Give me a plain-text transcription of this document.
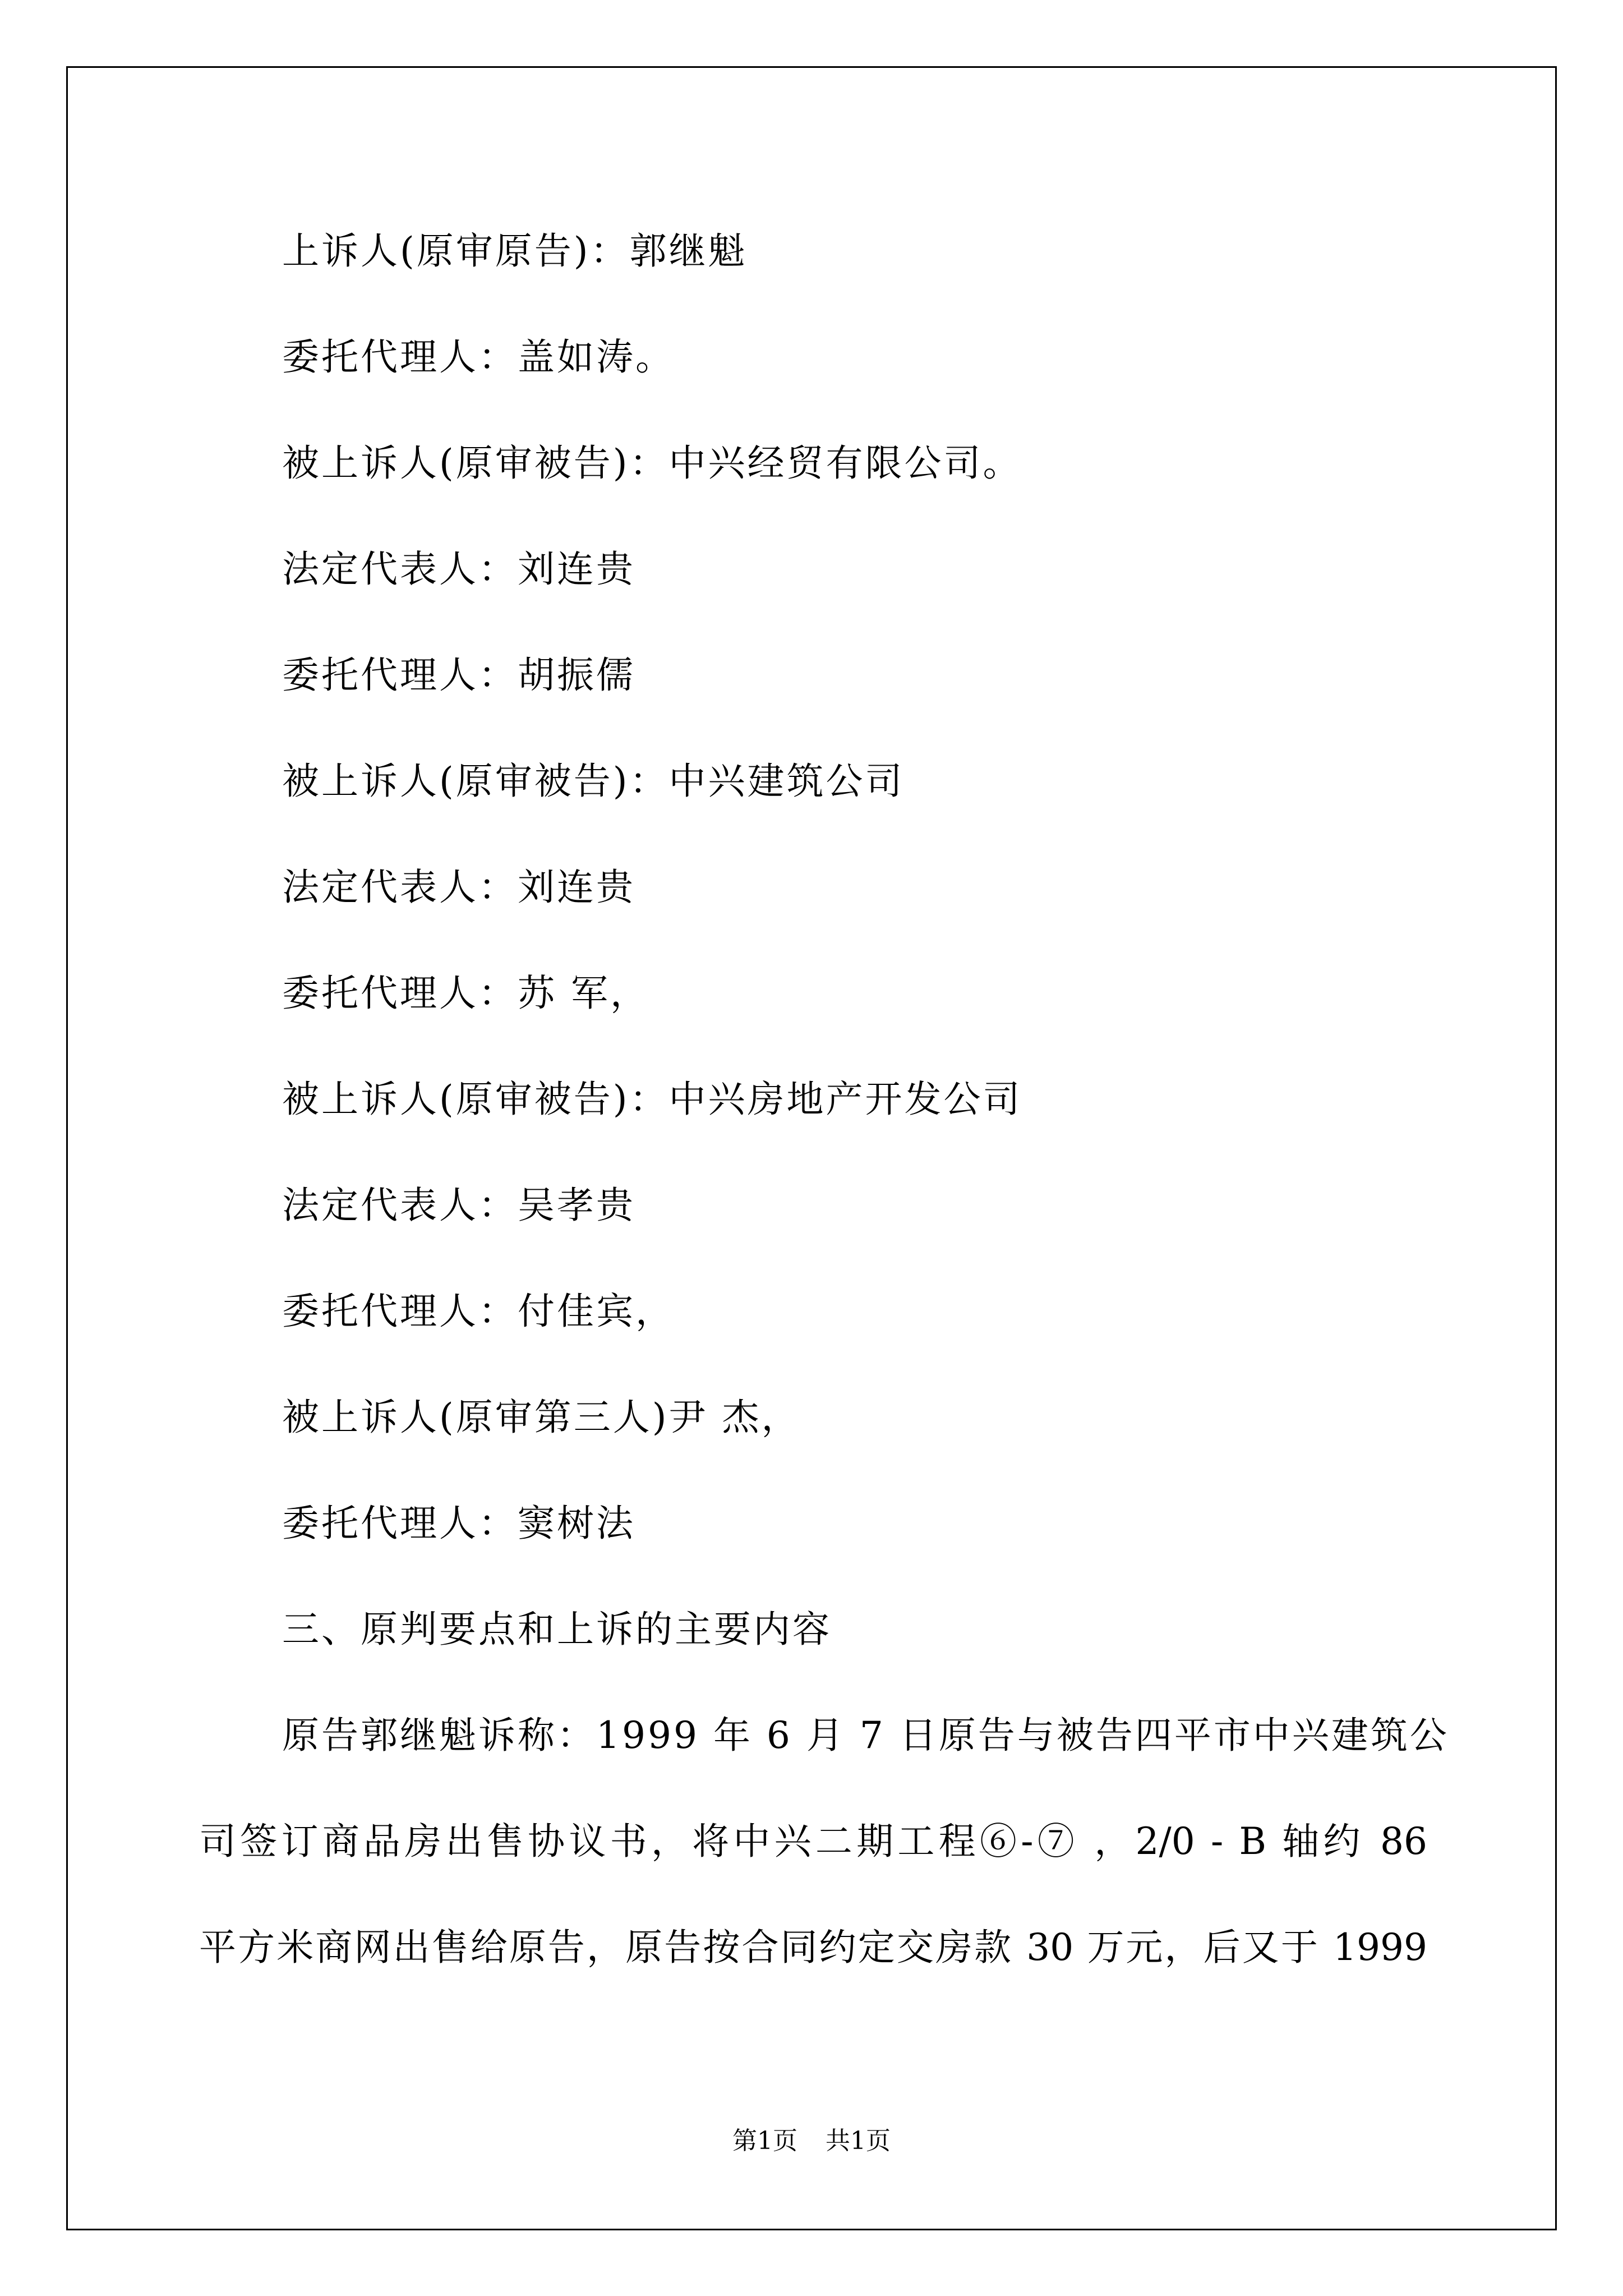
上诉人(原审原告)：郭继魁
委托代理人：盖如涛。
被上诉人(原审被告)：中兴经贸有限公司。
法定代表人：刘连贵
委托代理人：胡振儒
被上诉人(原审被告)：中兴建筑公司
法定代表人：刘连贵
委托代理人：苏 军，
被上诉人(原审被告)：中兴房地产开发公司
法定代表人：吴孝贵
委托代理人：付佳宾，
被上诉人(原审第三人)尹 杰，
委托代理人：窦树法
三、原判要点和上诉的主要内容
原告郭继魁诉称：1999 年 6 月 7 日原告与被告四平市中兴建筑公
司签订商品房出售协议书，将中兴二期工程⑥-⑦ ，2/0 - B 轴约 86
平方米商网出售给原告，原告按合同约定交房款 30 万元，后又于 1999
第1页 共1页
